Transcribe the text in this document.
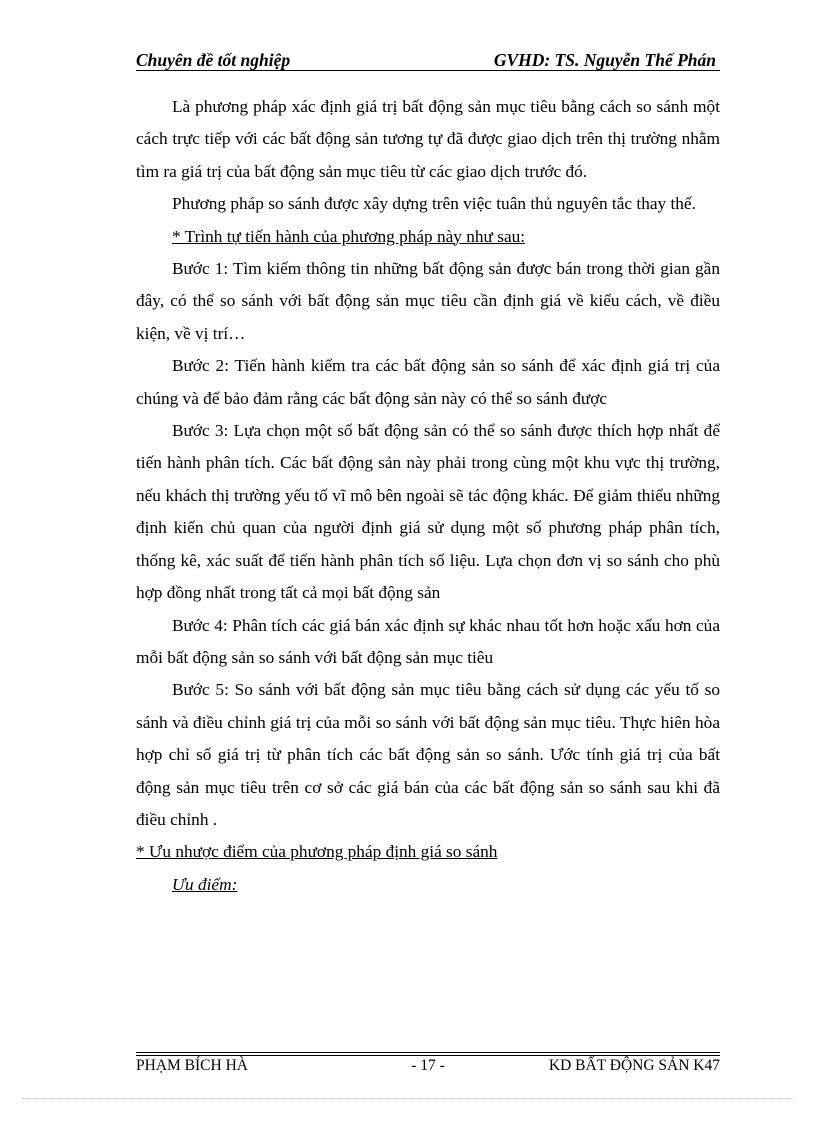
Chuyên đề tốt nghiệp	GVHD: TS. Nguyễn Thế Phán

Là phương pháp xác định giá trị bất động sản mục tiêu bằng cách so sánh một cách trực tiếp với các bất động sản tương tự đã được giao dịch trên thị trường nhằm tìm ra giá trị của bất động sản mục tiêu từ các giao dịch trước đó.

Phương pháp so sánh được xây dựng trên việc tuân thủ nguyên tắc thay thế.

* Trình tự tiến hành của phương pháp này như sau:

Bước 1: Tìm kiếm thông tin những bất động sản được bán trong thời gian gần đây, có thể so sánh với bất động sản mục tiêu cần định giá về kiểu cách, về điều kiện, về vị trí…

Bước 2: Tiến hành kiểm tra các bất động sản so sánh để xác định giá trị của chúng và để bảo đảm rằng các bất động sản này có thể so sánh được

Bước 3: Lựa chọn một số bất động sản có thể so sánh được thích hợp nhất để tiến hành phân tích. Các bất động sản này phải trong cùng một khu vực thị trường, nếu khách thị trường yếu tố vĩ mô bên ngoài sẽ tác động khác. Để giảm thiểu những định kiến chủ quan của người định giá sử dụng một số phương pháp phân tích, thống kê, xác suất để tiến hành phân tích số liệu. Lựa chọn đơn vị so sánh cho phù hợp đồng nhất trong tất cả mọi bất động sản

Bước 4: Phân tích các giá bán xác định sự khác nhau tốt hơn hoặc xấu hơn của mỗi bất động sản so sánh với bất động sản mục tiêu

Bước 5: So sánh với bất động sản mục tiêu bằng cách sử dụng các yếu tố so sánh và điều chỉnh giá trị của mỗi so sánh với bất động sản mục tiêu. Thực hiên hòa hợp chỉ số giá trị từ phân tích các bất động sản so sánh. Ước tính giá trị của bất động sản mục tiêu trên cơ sở các giá bán của các bất động sản so sánh sau khi đã điều chỉnh .

* Ưu nhược điểm của phương pháp định giá so sánh

Ưu điểm:

PHẠM BÍCH HÀ	- 17 -	KD BẤT ĐỘNG SẢN K47
